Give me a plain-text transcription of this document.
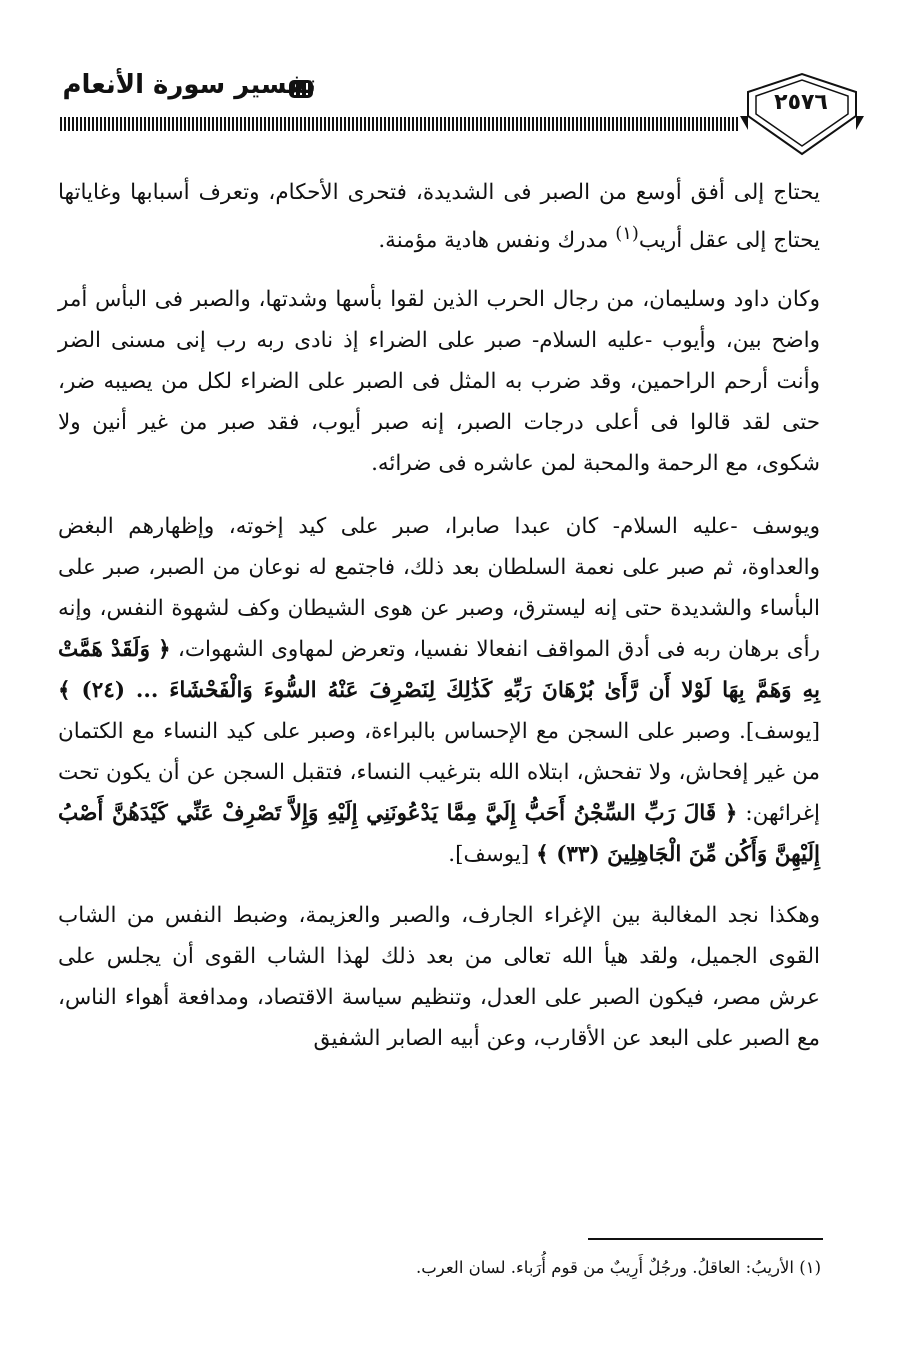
٢٥٧٦
تفسير سورة الأنعام

يحتاج إلى أفق أوسع من الصبر فى الشديدة، فتحرى الأحكام، وتعرف أسبابها وغاياتها يحتاج إلى عقل أريب$^{(١)}$ مدرك ونفس هادية مؤمنة.

وكان داود وسليمان، من رجال الحرب الذين لقوا بأسها وشدتها، والصبر فى البأس أمر واضح بين، وأيوب -عليه السلام- صبر على الضراء إذ نادى ربه رب إنى مسنى الضر وأنت أرحم الراحمين، وقد ضرب به المثل فى الصبر على الضراء لكل من يصيبه ضر، حتى لقد قالوا فى أعلى درجات الصبر، إنه صبر أيوب، فقد صبر من غير أنين ولا شكوى، مع الرحمة والمحبة لمن عاشره فى ضرائه.

ويوسف -عليه السلام- كان عبدا صابرا، صبر على كيد إخوته، وإظهارهم البغض والعداوة، ثم صبر على نعمة السلطان بعد ذلك، فاجتمع له نوعان من الصبر، صبر على البأساء والشديدة حتى إنه ليسترق، وصبر عن هوى الشيطان وكف لشهوة النفس، وإنه رأى برهان ربه فى أدق المواقف انفعالا نفسيا، وتعرض لمهاوى الشهوات، ﴿ وَلَقَدْ هَمَّتْ بِهِ وَهَمَّ بِهَا لَوْلا أَن رَّأَىٰ بُرْهَانَ رَبِّهِ كَذَٰلِكَ لِنَصْرِفَ عَنْهُ السُّوءَ وَالْفَحْشَاءَ ... (٢٤) ﴾ [يوسف]. وصبر على السجن مع الإحساس بالبراءة، وصبر على كيد النساء مع الكتمان من غير إفحاش، ولا تفحش، ابتلاه الله بترغيب النساء، فتقبل السجن عن أن يكون تحت إغرائهن: ﴿ قَالَ رَبِّ السِّجْنُ أَحَبُّ إِلَيَّ مِمَّا يَدْعُونَنِي إِلَيْهِ وَإِلاَّ تَصْرِفْ عَنِّي كَيْدَهُنَّ أَصْبُ إِلَيْهِنَّ وَأَكُن مِّنَ الْجَاهِلِينَ (٣٣) ﴾ [يوسف].

وهكذا نجد المغالبة بين الإغراء الجارف، والصبر والعزيمة، وضبط النفس من الشاب القوى الجميل، ولقد هيأ الله تعالى من بعد ذلك لهذا الشاب القوى أن يجلس على عرش مصر، فيكون الصبر على العدل، وتنظيم سياسة الاقتصاد، ومدافعة أهواء الناس، مع الصبر على البعد عن الأقارب، وعن أبيه الصابر الشفيق

(١) الأريبُ: العاقلُ. ورجُلٌ أَرِيبٌ من قوم أُرَباء. لسان العرب.
